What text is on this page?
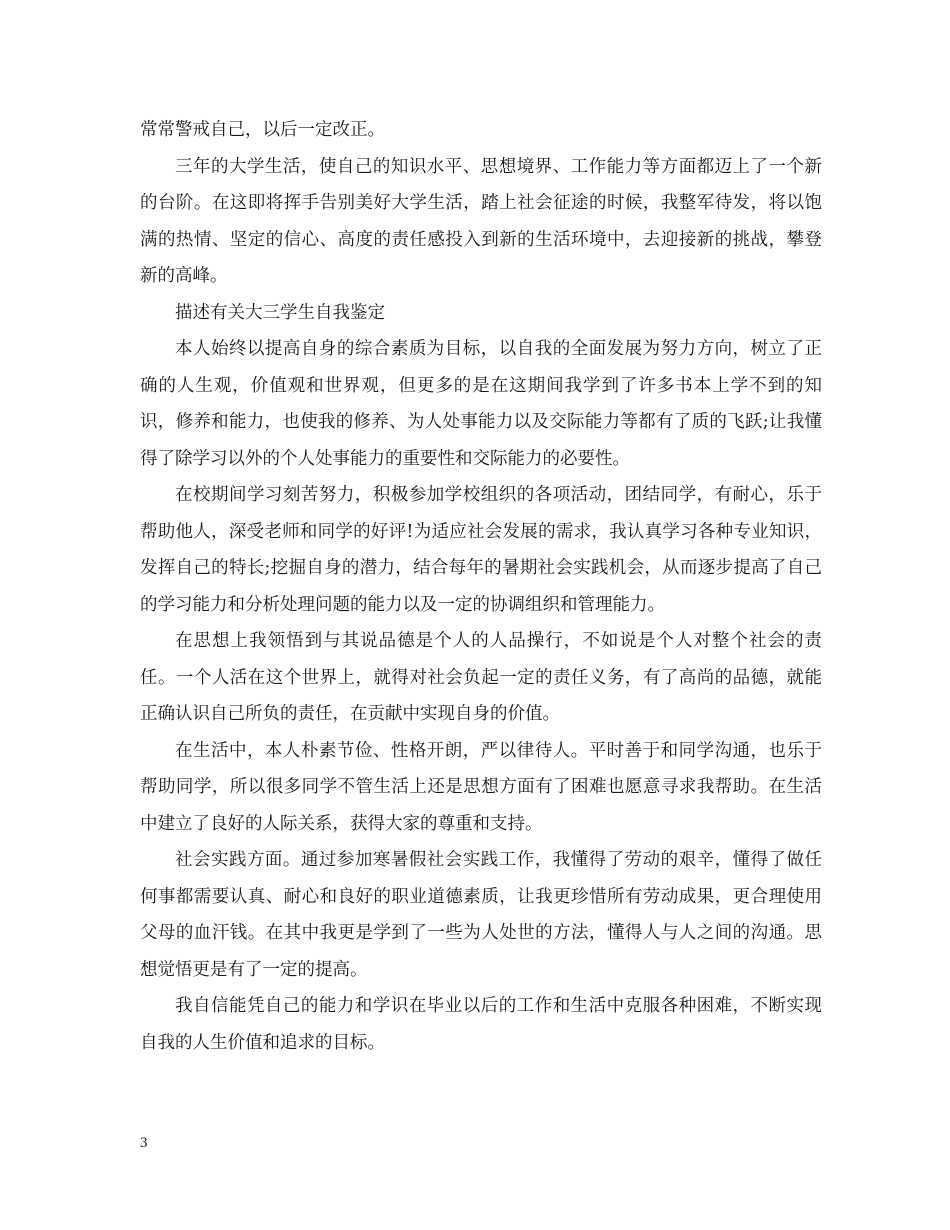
常常警戒自己，以后一定改正。

三年的大学生活，使自己的知识水平、思想境界、工作能力等方面都迈上了一个新的台阶。在这即将挥手告别美好大学生活，踏上社会征途的时候，我整军待发，将以饱满的热情、坚定的信心、高度的责任感投入到新的生活环境中，去迎接新的挑战，攀登新的高峰。

描述有关大三学生自我鉴定

本人始终以提高自身的综合素质为目标，以自我的全面发展为努力方向，树立了正确的人生观，价值观和世界观，但更多的是在这期间我学到了许多书本上学不到的知识，修养和能力，也使我的修养、为人处事能力以及交际能力等都有了质的飞跃;让我懂得了除学习以外的个人处事能力的重要性和交际能力的必要性。

在校期间学习刻苦努力，积极参加学校组织的各项活动，团结同学，有耐心，乐于帮助他人，深受老师和同学的好评!为适应社会发展的需求，我认真学习各种专业知识，发挥自己的特长;挖掘自身的潜力，结合每年的暑期社会实践机会，从而逐步提高了自己的学习能力和分析处理问题的能力以及一定的协调组织和管理能力。

在思想上我领悟到与其说品德是个人的人品操行，不如说是个人对整个社会的责任。一个人活在这个世界上，就得对社会负起一定的责任义务，有了高尚的品德，就能正确认识自己所负的责任，在贡献中实现自身的价值。

在生活中，本人朴素节俭、性格开朗，严以律待人。平时善于和同学沟通，也乐于帮助同学，所以很多同学不管生活上还是思想方面有了困难也愿意寻求我帮助。在生活中建立了良好的人际关系，获得大家的尊重和支持。

社会实践方面。通过参加寒暑假社会实践工作，我懂得了劳动的艰辛，懂得了做任何事都需要认真、耐心和良好的职业道德素质，让我更珍惜所有劳动成果，更合理使用父母的血汗钱。在其中我更是学到了一些为人处世的方法，懂得人与人之间的沟通。思想觉悟更是有了一定的提高。

我自信能凭自己的能力和学识在毕业以后的工作和生活中克服各种困难，不断实现自我的人生价值和追求的目标。

3
